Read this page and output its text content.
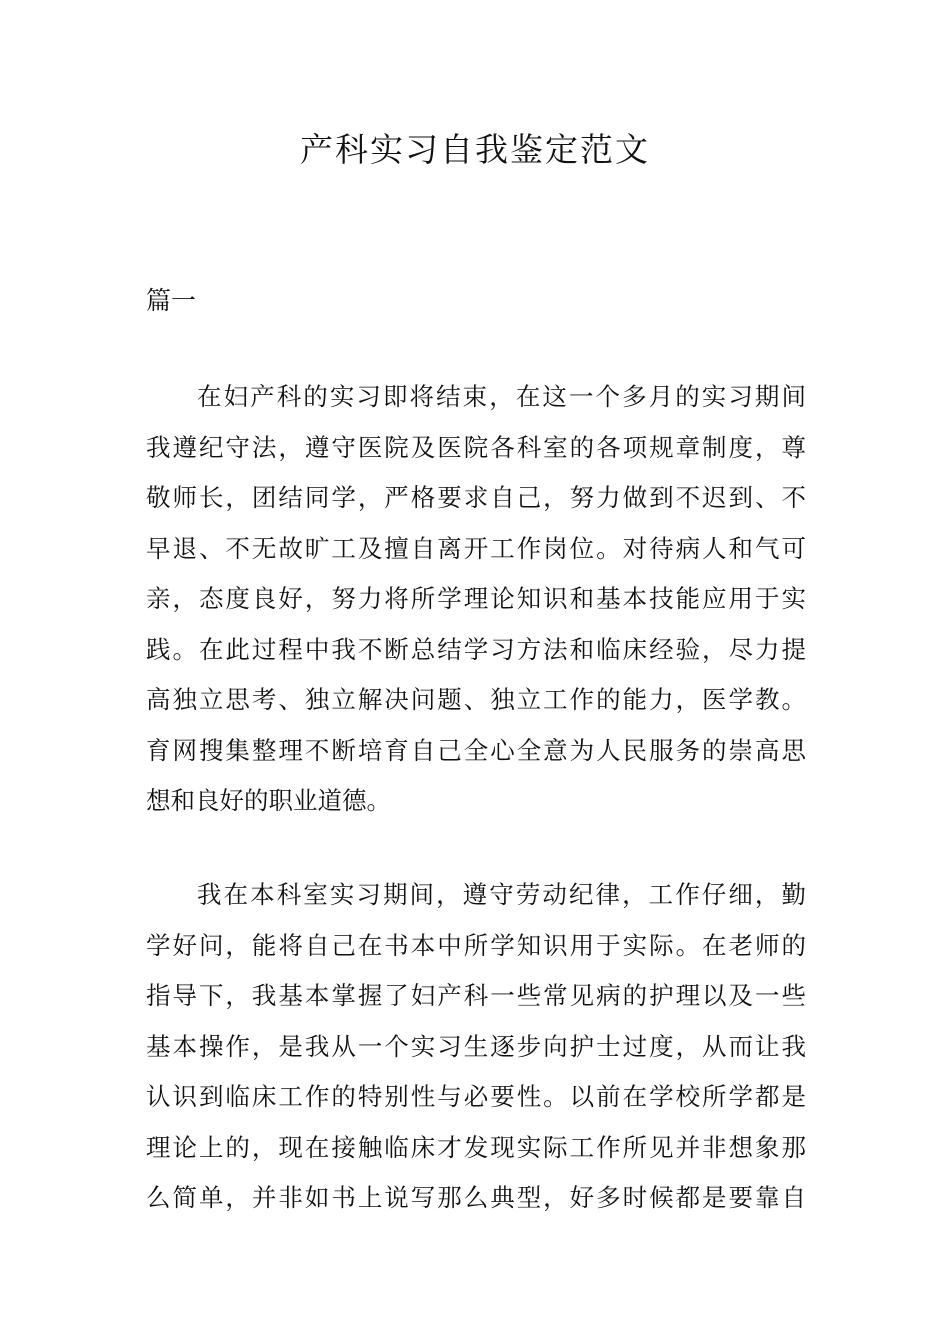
产科实习自我鉴定范文
篇一
在妇产科的实习即将结束，在这一个多月的实习期间
我遵纪守法，遵守医院及医院各科室的各项规章制度，尊
敬师长，团结同学，严格要求自己，努力做到不迟到、不
早退、不无故旷工及擅自离开工作岗位。对待病人和气可
亲，态度良好，努力将所学理论知识和基本技能应用于实
践。在此过程中我不断总结学习方法和临床经验，尽力提
高独立思考、独立解决问题、独立工作的能力，医学教。
育网搜集整理不断培育自己全心全意为人民服务的崇高思
想和良好的职业道德。
我在本科室实习期间，遵守劳动纪律，工作仔细，勤
学好问，能将自己在书本中所学知识用于实际。在老师的
指导下，我基本掌握了妇产科一些常见病的护理以及一些
基本操作，是我从一个实习生逐步向护士过度，从而让我
认识到临床工作的特别性与必要性。以前在学校所学都是
理论上的，现在接触临床才发现实际工作所见并非想象那
么简单，并非如书上说写那么典型，好多时候都是要靠自
